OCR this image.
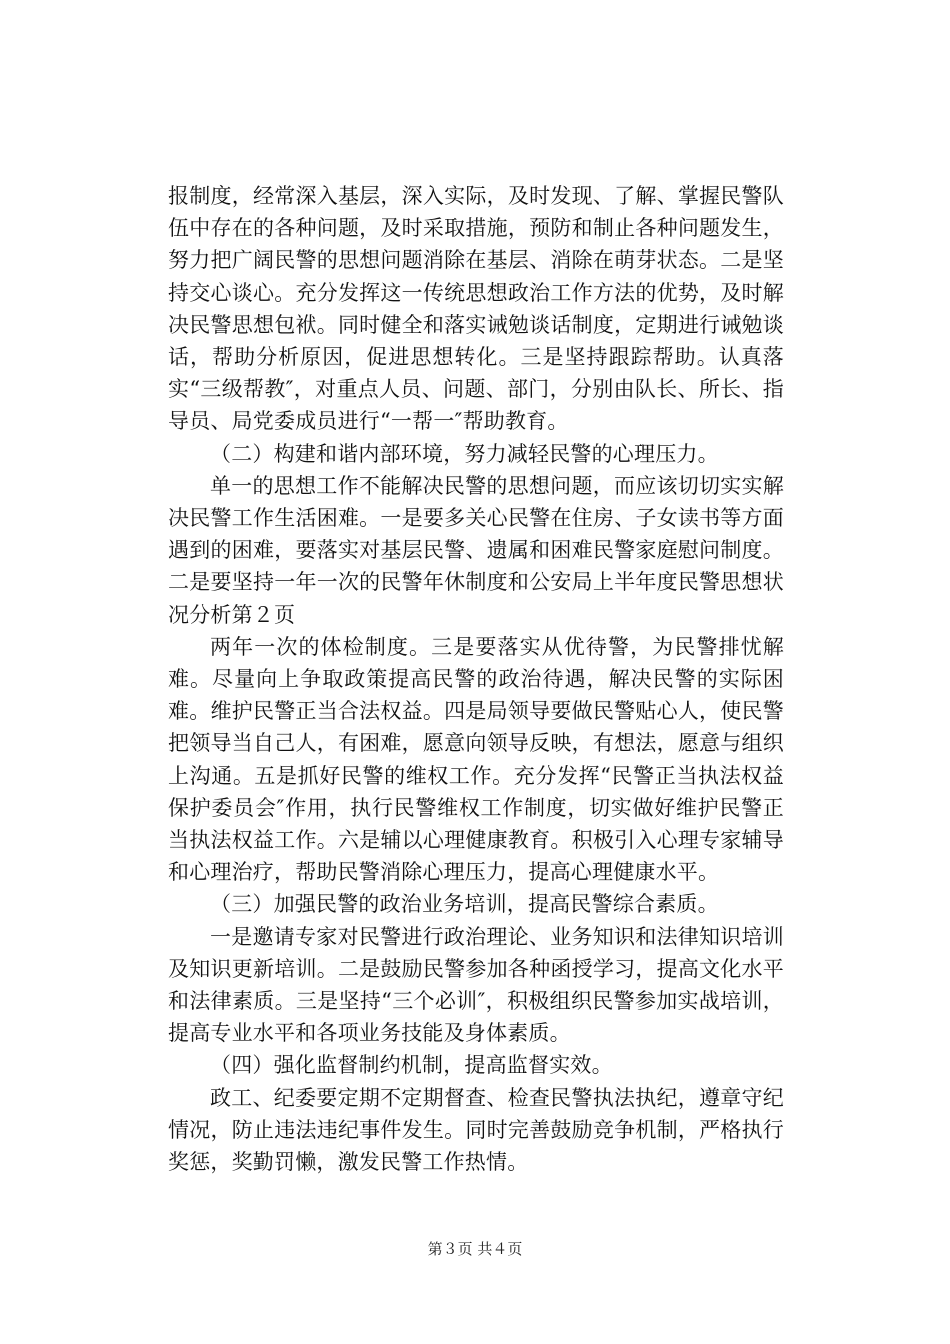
报制度，经常深入基层，深入实际，及时发现、了解、掌握民警队伍中存在的各种问题，及时采取措施，预防和制止各种问题发生，努力把广阔民警的思想问题消除在基层、消除在萌芽状态。二是坚持交心谈心。充分发挥这一传统思想政治工作方法的优势，及时解决民警思想包袱。同时健全和落实诫勉谈话制度，定期进行诫勉谈话，帮助分析原因，促进思想转化。三是坚持跟踪帮助。认真落实“三级帮教″，对重点人员、问题、部门，分别由队长、所长、指导员、局党委成员进行“一帮一″帮助教育。

（二）构建和谐内部环境，努力减轻民警的心理压力。

单一的思想工作不能解决民警的思想问题，而应该切切实实解决民警工作生活困难。一是要多关心民警在住房、子女读书等方面遇到的困难，要落实对基层民警、遗属和困难民警家庭慰问制度。二是要坚持一年一次的民警年休制度和公安局上半年度民警思想状况分析第２页

两年一次的体检制度。三是要落实从优待警，为民警排忧解难。尽量向上争取政策提高民警的政治待遇，解决民警的实际困难。维护民警正当合法权益。四是局领导要做民警贴心人，使民警把领导当自己人，有困难，愿意向领导反映，有想法，愿意与组织上沟通。五是抓好民警的维权工作。充分发挥“民警正当执法权益保护委员会″作用，执行民警维权工作制度，切实做好维护民警正当执法权益工作。六是辅以心理健康教育。积极引入心理专家辅导和心理治疗，帮助民警消除心理压力，提高心理健康水平。

（三）加强民警的政治业务培训，提高民警综合素质。

一是邀请专家对民警进行政治理论、业务知识和法律知识培训及知识更新培训。二是鼓励民警参加各种函授学习，提高文化水平和法律素质。三是坚持“三个必训″，积极组织民警参加实战培训，提高专业水平和各项业务技能及身体素质。

（四）强化监督制约机制，提高监督实效。

政工、纪委要定期不定期督查、检查民警执法执纪，遵章守纪情况，防止违法违纪事件发生。同时完善鼓励竞争机制，严格执行奖惩，奖勤罚懒，激发民警工作热情。

第３页 共４页
